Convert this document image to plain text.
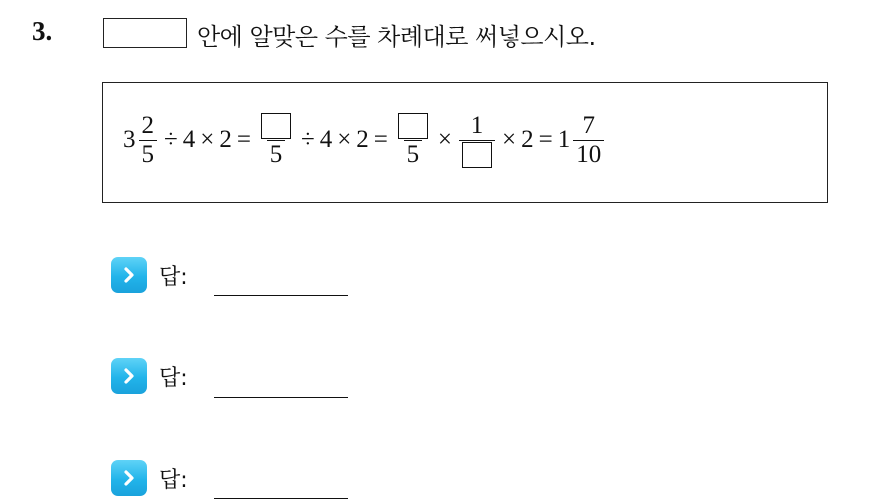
3.	안에 알맞은 수를 차례대로 써넣으시오.
$3 \frac{2}{5} \div 4 \times 2$ =
5
÷ 4 × 2 =
5
×
1
× $2 = 1 \frac{7}{10}$
답:
답:
답:
